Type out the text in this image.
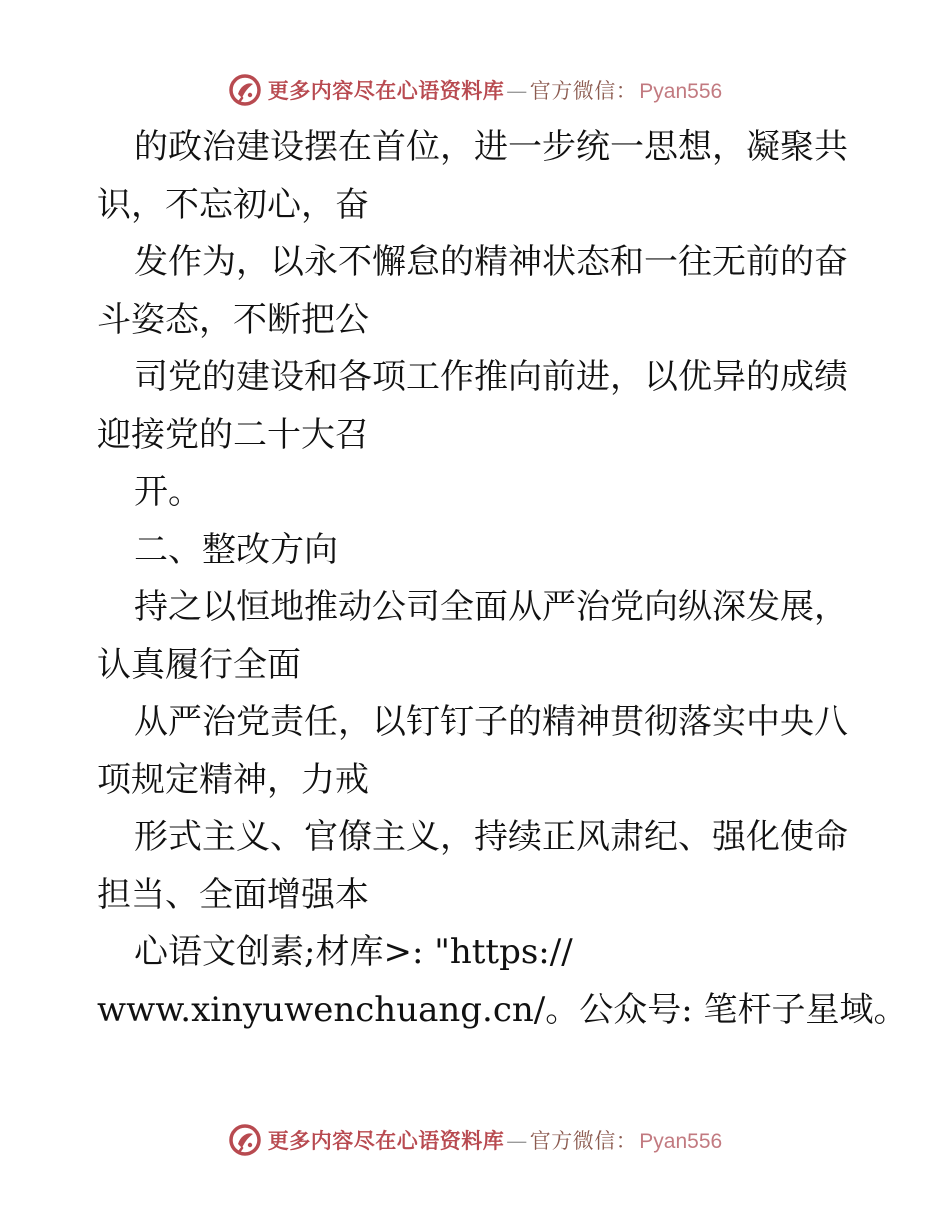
更多内容尽在心语资料库 — 官方微信： Pyan556
的政治建设摆在首位，进一步统一思想，凝聚共
识，不忘初心，奋
发作为，以永不懈怠的精神状态和一往无前的奋
斗姿态，不断把公
司党的建设和各项工作推向前进，以优异的成绩
迎接党的二十大召
开。
二、整改方向
持之以恒地推动公司全面从严治党向纵深发展，
认真履行全面
从严治党责任，以钉钉子的精神贯彻落实中央八
项规定精神，力戒
形式主义、官僚主义，持续正风肃纪、强化使命
担当、全面增强本
心语文创素;材库>: "https://
www.xinyuwenchuang.cn/。公众号: 笔杆子星域。
更多内容尽在心语资料库 — 官方微信： Pyan556
